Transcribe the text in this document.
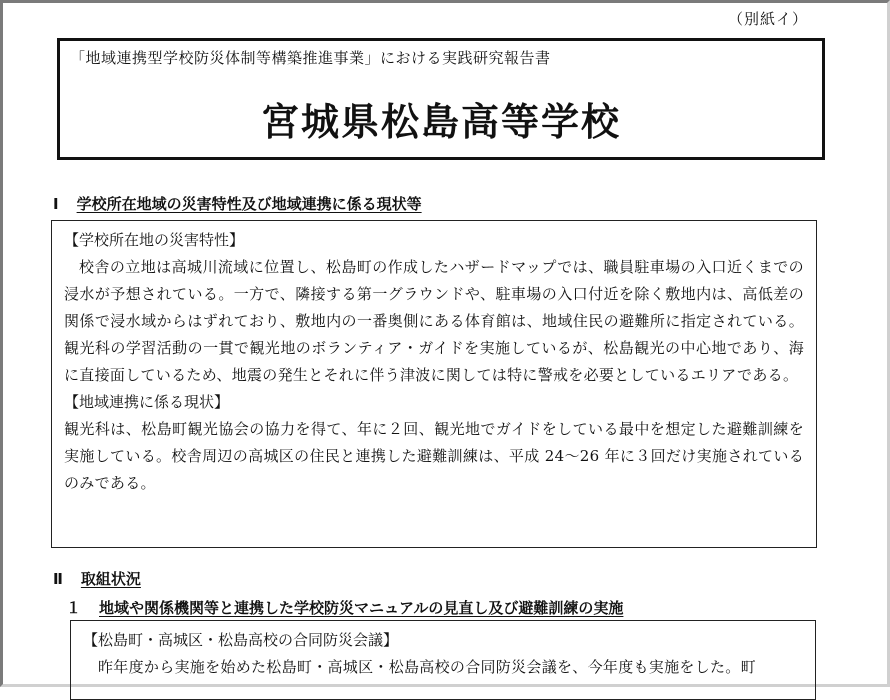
（別紙イ）
「地域連携型学校防災体制等構築推進事業」における実践研究報告書
宮城県松島高等学校
Ⅰ 学校所在地域の災害特性及び地域連携に係る現状等

【学校所在地の災害特性】

校舎の立地は高城川流域に位置し、松島町の作成したハザードマップでは、職員駐車場の入口近くまでの浸水が予想されている。一方で、隣接する第一グラウンドや、駐車場の入口付近を除く敷地内は、高低差の関係で浸水域からはずれており、敷地内の一番奥側にある体育館は、地域住民の避難所に指定されている。観光科の学習活動の一貫で観光地のボランティア・ガイドを実施しているが、松島観光の中心地であり、海に直接面しているため、地震の発生とそれに伴う津波に関しては特に警戒を必要としているエリアである。

【地域連携に係る現状】

観光科は、松島町観光協会の協力を得て、年に２回、観光地でガイドをしている最中を想定した避難訓練を実施している。校舎周辺の高城区の住民と連携した避難訓練は、平成 24～26 年に３回だけ実施されているのみである。

Ⅱ 取組状況
１ 地域や関係機関等と連携した学校防災マニュアルの見直し及び避難訓練の実施

【松島町・高城区・松島高校の合同防災会議】

昨年度から実施を始めた松島町・高城区・松島高校の合同防災会議を、今年度も実施をした。町
